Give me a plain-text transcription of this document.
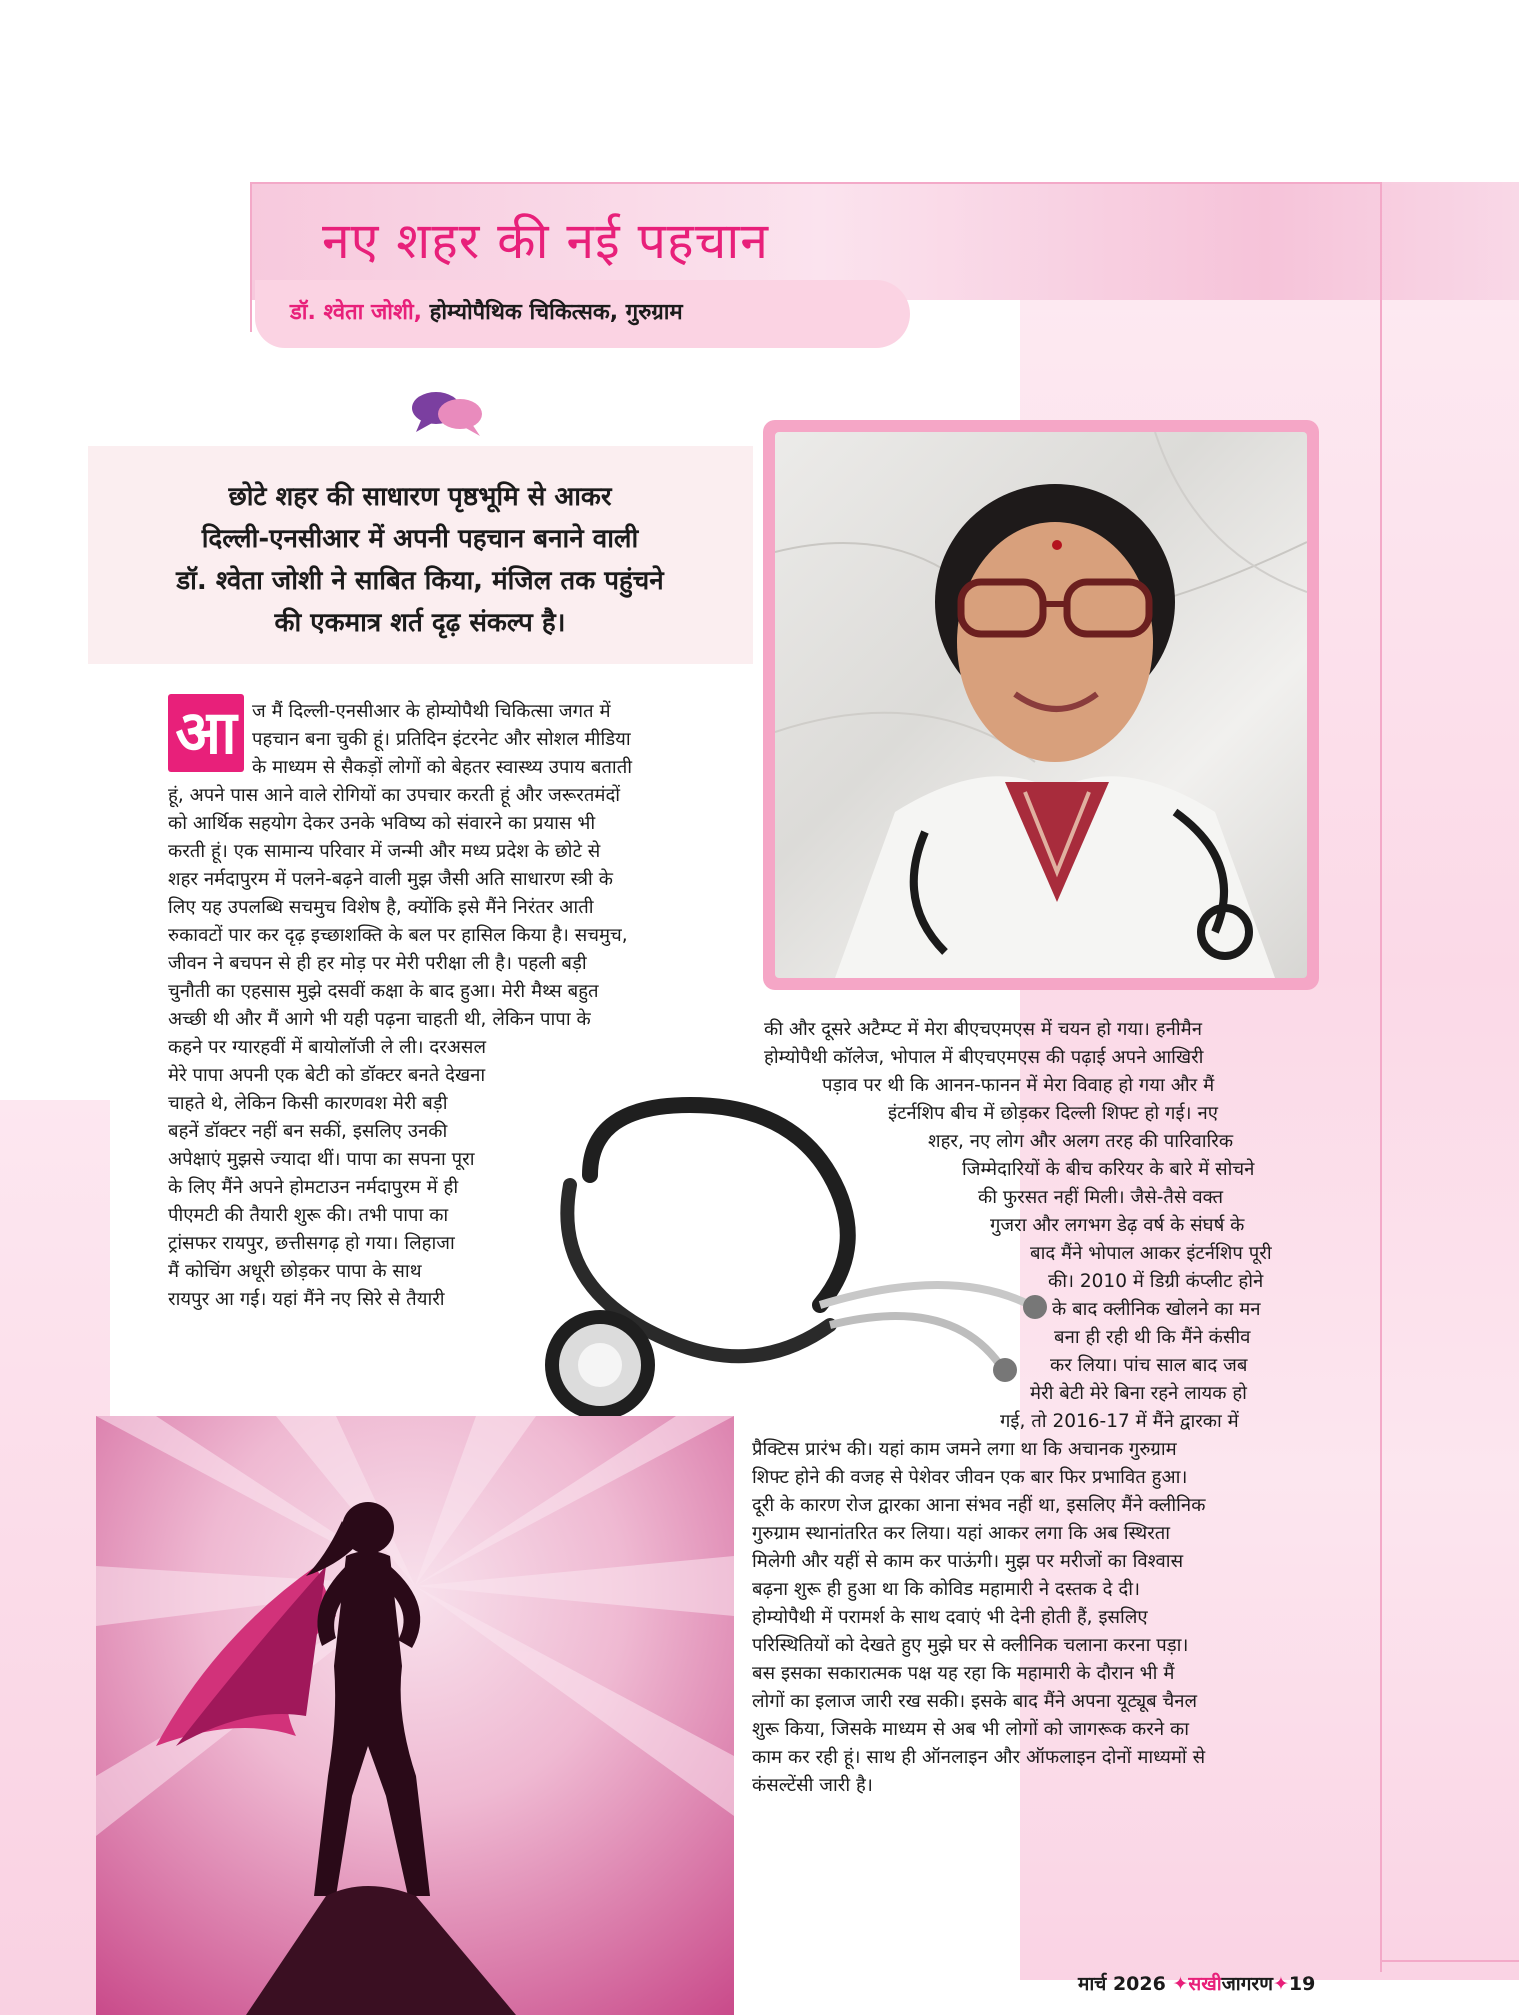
नए शहर की नई पहचान
डॉ. श्वेता जोशी, होम्योपैथिक चिकित्सक, गुरुग्राम
छोटे शहर की साधारण पृष्ठभूमि से आकर
दिल्ली-एनसीआर में अपनी पहचान बनाने वाली
डॉ. श्वेता जोशी ने साबित किया, मंजिल तक पहुंचने
की एकमात्र शर्त दृढ़ संकल्प है।
आ ज मैं दिल्ली-एनसीआर के होम्योपैथी चिकित्सा जगत में
पहचान बना चुकी हूं। प्रतिदिन इंटरनेट और सोशल मीडिया
के माध्यम से सैकड़ों लोगों को बेहतर स्वास्थ्य उपाय बताती
हूं, अपने पास आने वाले रोगियों का उपचार करती हूं और जरूरतमंदों
को आर्थिक सहयोग देकर उनके भविष्य को संवारने का प्रयास भी
करती हूं। एक सामान्य परिवार में जन्मी और मध्य प्रदेश के छोटे से
शहर नर्मदापुरम में पलने-बढ़ने वाली मुझ जैसी अति साधारण स्त्री के
लिए यह उपलब्धि सचमुच विशेष है, क्योंकि इसे मैंने निरंतर आती
रुकावटों पार कर दृढ़ इच्छाशक्ति के बल पर हासिल किया है। सचमुच,
जीवन ने बचपन से ही हर मोड़ पर मेरी परीक्षा ली है। पहली बड़ी
चुनौती का एहसास मुझे दसवीं कक्षा के बाद हुआ। मेरी मैथ्स बहुत
अच्छी थी और मैं आगे भी यही पढ़ना चाहती थी, लेकिन पापा के
कहने पर ग्यारहवीं में बायोलॉजी ले ली। दरअसल
मेरे पापा अपनी एक बेटी को डॉक्टर बनते देखना
चाहते थे, लेकिन किसी कारणवश मेरी बड़ी
बहनें डॉक्टर नहीं बन सकीं, इसलिए उनकी
अपेक्षाएं मुझसे ज्यादा थीं। पापा का सपना पूरा
के लिए मैंने अपने होमटाउन नर्मदापुरम में ही
पीएमटी की तैयारी शुरू की। तभी पापा का
ट्रांसफर रायपुर, छत्तीसगढ़ हो गया। लिहाजा
मैं कोचिंग अधूरी छोड़कर पापा के साथ
रायपुर आ गई। यहां मैंने नए सिरे से तैयारी
की और दूसरे अटैम्प्ट में मेरा बीएचएमएस में चयन हो गया। हनीमैन
होम्योपैथी कॉलेज, भोपाल में बीएचएमएस की पढ़ाई अपने आखिरी
पड़ाव पर थी कि आनन-फानन में मेरा विवाह हो गया और मैं
इंटर्नशिप बीच में छोड़कर दिल्ली शिफ्ट हो गई। नए
शहर, नए लोग और अलग तरह की पारिवारिक
जिम्मेदारियों के बीच करियर के बारे में सोचने
की फुरसत नहीं मिली। जैसे-तैसे वक्त
गुजरा और लगभग डेढ़ वर्ष के संघर्ष के
बाद मैंने भोपाल आकर इंटर्नशिप पूरी
की। 2010 में डिग्री कंप्लीट होने
के बाद क्लीनिक खोलने का मन
बना ही रही थी कि मैंने कंसीव
कर लिया। पांच साल बाद जब
मेरी बेटी मेरे बिना रहने लायक हो
गई, तो 2016-17 में मैंने द्वारका में
प्रैक्टिस प्रारंभ की। यहां काम जमने लगा था कि अचानक गुरुग्राम
शिफ्ट होने की वजह से पेशेवर जीवन एक बार फिर प्रभावित हुआ।
दूरी के कारण रोज द्वारका आना संभव नहीं था, इसलिए मैंने क्लीनिक
गुरुग्राम स्थानांतरित कर लिया। यहां आकर लगा कि अब स्थिरता
मिलेगी और यहीं से काम कर पाऊंगी। मुझ पर मरीजों का विश्वास
बढ़ना शुरू ही हुआ था कि कोविड महामारी ने दस्तक दे दी।
होम्योपैथी में परामर्श के साथ दवाएं भी देनी होती हैं, इसलिए
परिस्थितियों को देखते हुए मुझे घर से क्लीनिक चलाना करना पड़ा।
बस इसका सकारात्मक पक्ष यह रहा कि महामारी के दौरान भी मैं
लोगों का इलाज जारी रख सकी। इसके बाद मैंने अपना यूट्यूब चैनल
शुरू किया, जिसके माध्यम से अब भी लोगों को जागरूक करने का
काम कर रही हूं। साथ ही ऑनलाइन और ऑफलाइन दोनों माध्यमों से
कंसल्टेंसी जारी है।
मार्च 2026 ✦सखीजागरण✦19
